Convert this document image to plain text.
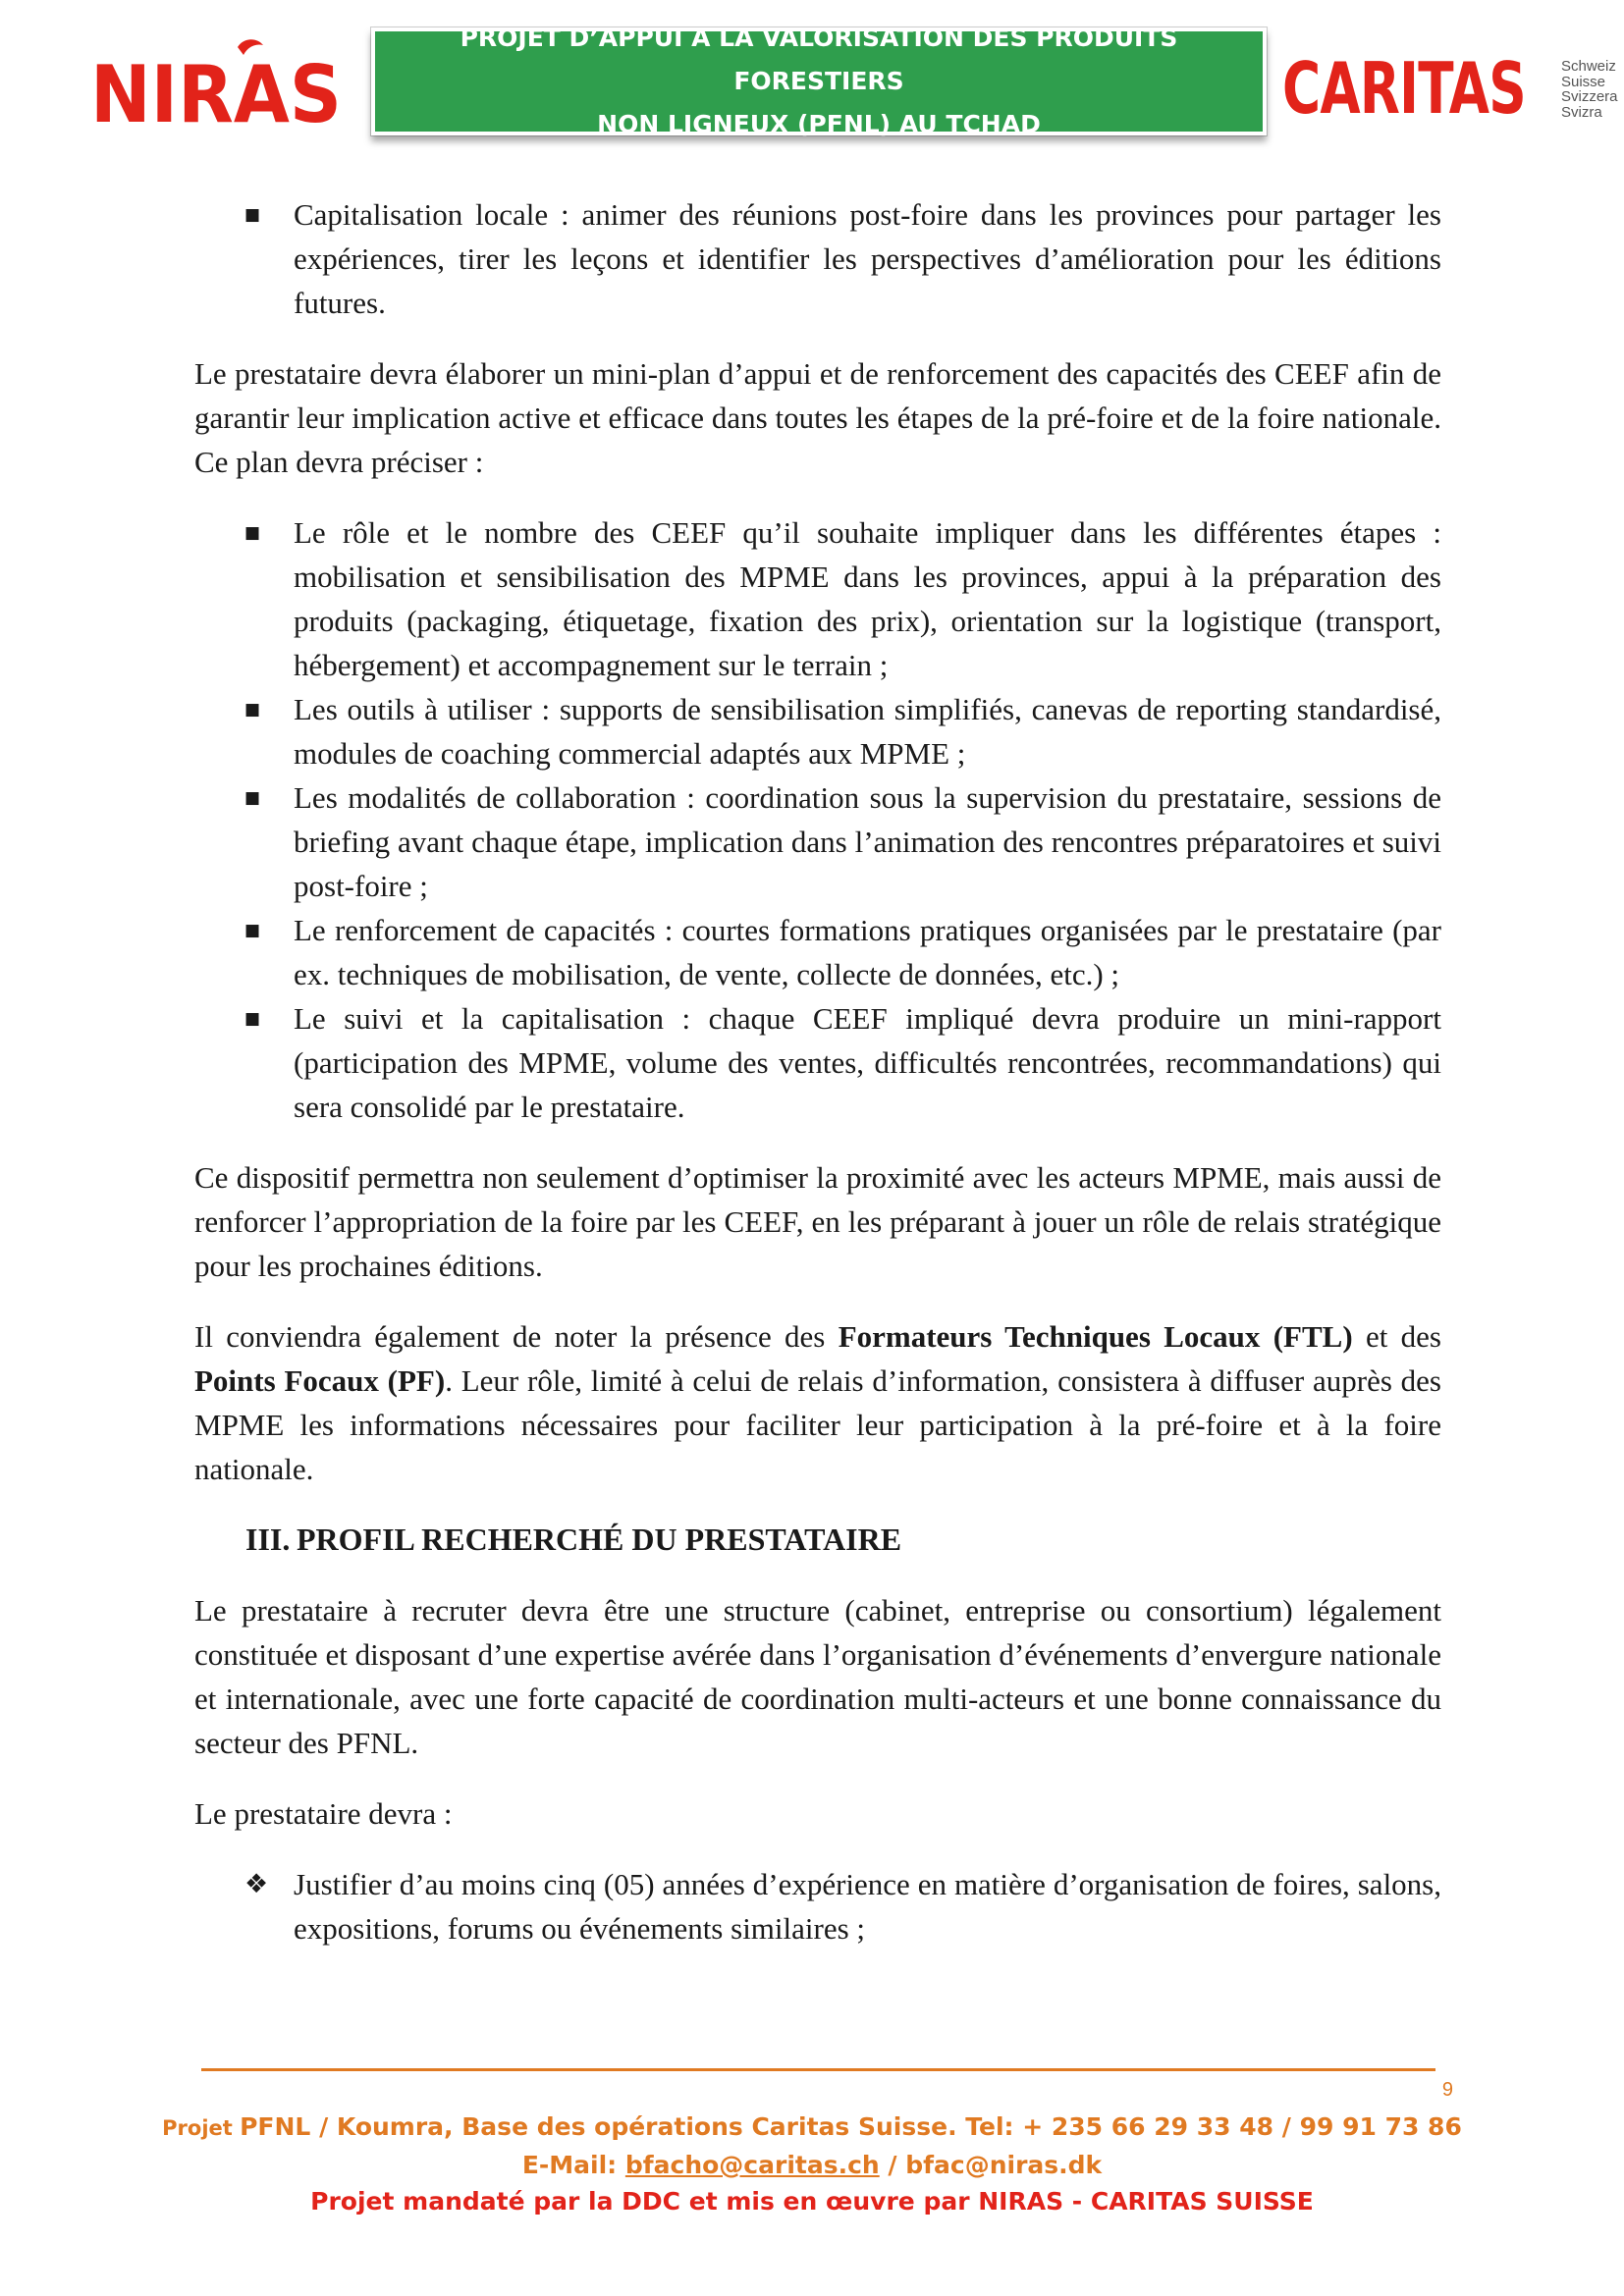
NIRAS
PROJET D’APPUI A LA VALORISATION DES PRODUITS FORESTIERS
NON LIGNEUX (PFNL) AU TCHAD	CARITAS Schweiz
Suisse
Svizzera
Svizra
■	Capitalisation locale : animer des réunions post-foire dans les provinces pour partager les expériences, tirer les leçons et identifier les perspectives d’amélioration pour les éditions futures.

Le prestataire devra élaborer un mini-plan d’appui et de renforcement des capacités des CEEF afin de garantir leur implication active et efficace dans toutes les étapes de la pré-foire et de la foire nationale. Ce plan devra préciser :

■	Le rôle et le nombre des CEEF qu’il souhaite impliquer dans les différentes étapes : mobilisation et sensibilisation des MPME dans les provinces, appui à la préparation des produits (packaging, étiquetage, fixation des prix), orientation sur la logistique (transport, hébergement) et accompagnement sur le terrain ;
■	Les outils à utiliser : supports de sensibilisation simplifiés, canevas de reporting standardisé, modules de coaching commercial adaptés aux MPME ;
■	Les modalités de collaboration : coordination sous la supervision du prestataire, sessions de briefing avant chaque étape, implication dans l’animation des rencontres préparatoires et suivi post-foire ;
■	Le renforcement de capacités : courtes formations pratiques organisées par le prestataire (par ex. techniques de mobilisation, de vente, collecte de données, etc.) ;
■	Le suivi et la capitalisation : chaque CEEF impliqué devra produire un mini-rapport (participation des MPME, volume des ventes, difficultés rencontrées, recommandations) qui sera consolidé par le prestataire.

Ce dispositif permettra non seulement d’optimiser la proximité avec les acteurs MPME, mais aussi de renforcer l’appropriation de la foire par les CEEF, en les préparant à jouer un rôle de relais stratégique pour les prochaines éditions.

Il conviendra également de noter la présence des Formateurs Techniques Locaux (FTL) et des Points Focaux (PF). Leur rôle, limité à celui de relais d’information, consistera à diffuser auprès des MPME les informations nécessaires pour faciliter leur participation à la pré-foire et à la foire nationale.

III. PROFIL RECHERCHÉ DU PRESTATAIRE

Le prestataire à recruter devra être une structure (cabinet, entreprise ou consortium) légalement constituée et disposant d’une expertise avérée dans l’organisation d’événements d’envergure nationale et internationale, avec une forte capacité de coordination multi-acteurs et une bonne connaissance du secteur des PFNL.

Le prestataire devra :

❖ Justifier d’au moins cinq (05) années d’expérience en matière d’organisation de foires, salons, expositions, forums ou événements similaires ;
9
Projet PFNL / Koumra, Base des opérations Caritas Suisse. Tel: + 235 66 29 33 48 / 99 91 73 86
E-Mail: bfacho@caritas.ch / bfac@niras.dk
Projet mandaté par la DDC et mis en œuvre par NIRAS - CARITAS SUISSE
